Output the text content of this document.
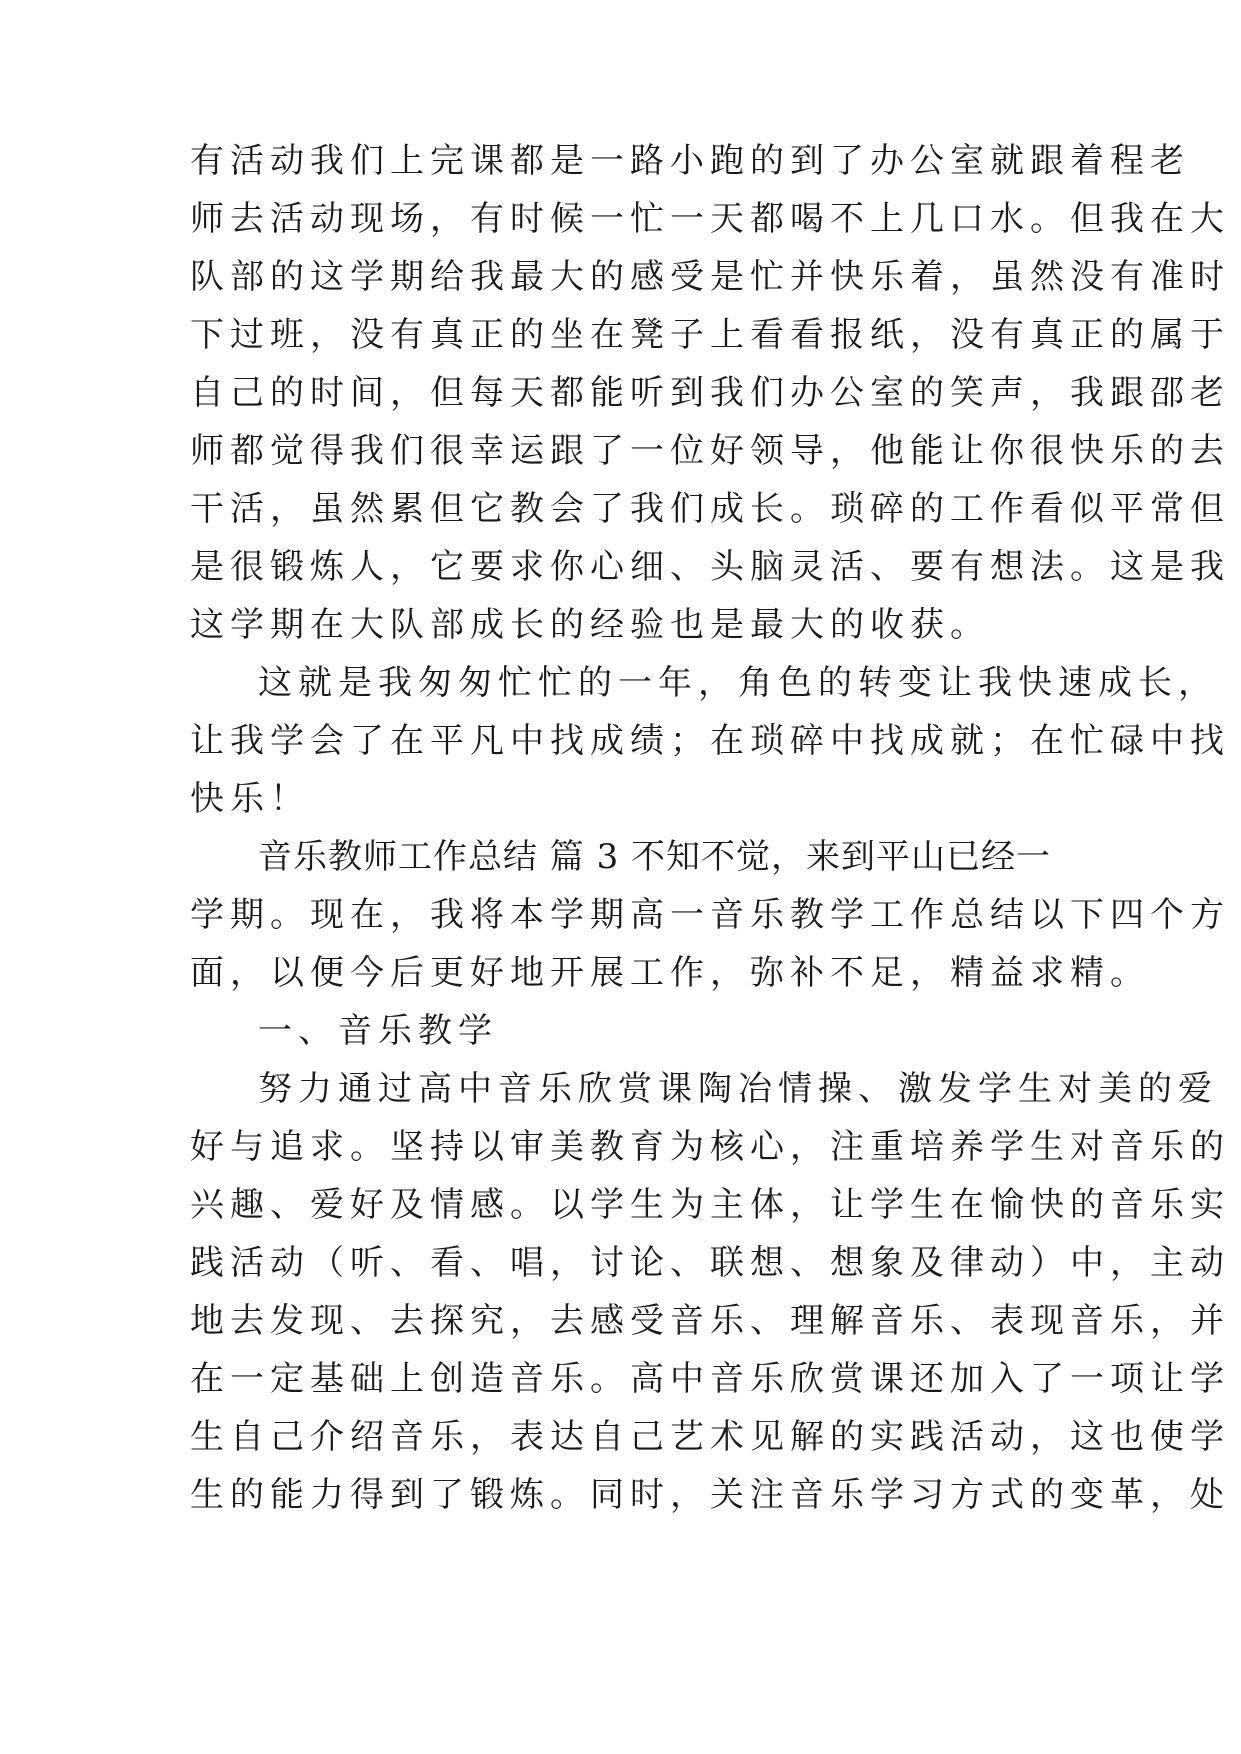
有活动我们上完课都是一路小跑的到了办公室就跟着程老
师去活动现场，有时候一忙一天都喝不上几口水。但我在大
队部的这学期给我最大的感受是忙并快乐着，虽然没有准时
下过班，没有真正的坐在凳子上看看报纸，没有真正的属于
自己的时间，但每天都能听到我们办公室的笑声，我跟邵老
师都觉得我们很幸运跟了一位好领导，他能让你很快乐的去
干活，虽然累但它教会了我们成长。琐碎的工作看似平常但
是很锻炼人，它要求你心细、头脑灵活、要有想法。这是我
这学期在大队部成长的经验也是最大的收获。
这就是我匆匆忙忙的一年，角色的转变让我快速成长，
让我学会了在平凡中找成绩；在琐碎中找成就；在忙碌中找
快乐！
音乐教师工作总结 篇 3 不知不觉，来到平山已经一
学期。现在，我将本学期高一音乐教学工作总结以下四个方
面，以便今后更好地开展工作，弥补不足，精益求精。
一、音乐教学
努力通过高中音乐欣赏课陶冶情操、激发学生对美的爱
好与追求。坚持以审美教育为核心，注重培养学生对音乐的
兴趣、爱好及情感。以学生为主体，让学生在愉快的音乐实
践活动（听、看、唱，讨论、联想、想象及律动）中，主动
地去发现、去探究，去感受音乐、理解音乐、表现音乐，并
在一定基础上创造音乐。高中音乐欣赏课还加入了一项让学
生自己介绍音乐，表达自己艺术见解的实践活动，这也使学
生的能力得到了锻炼。同时，关注音乐学习方式的变革，处
